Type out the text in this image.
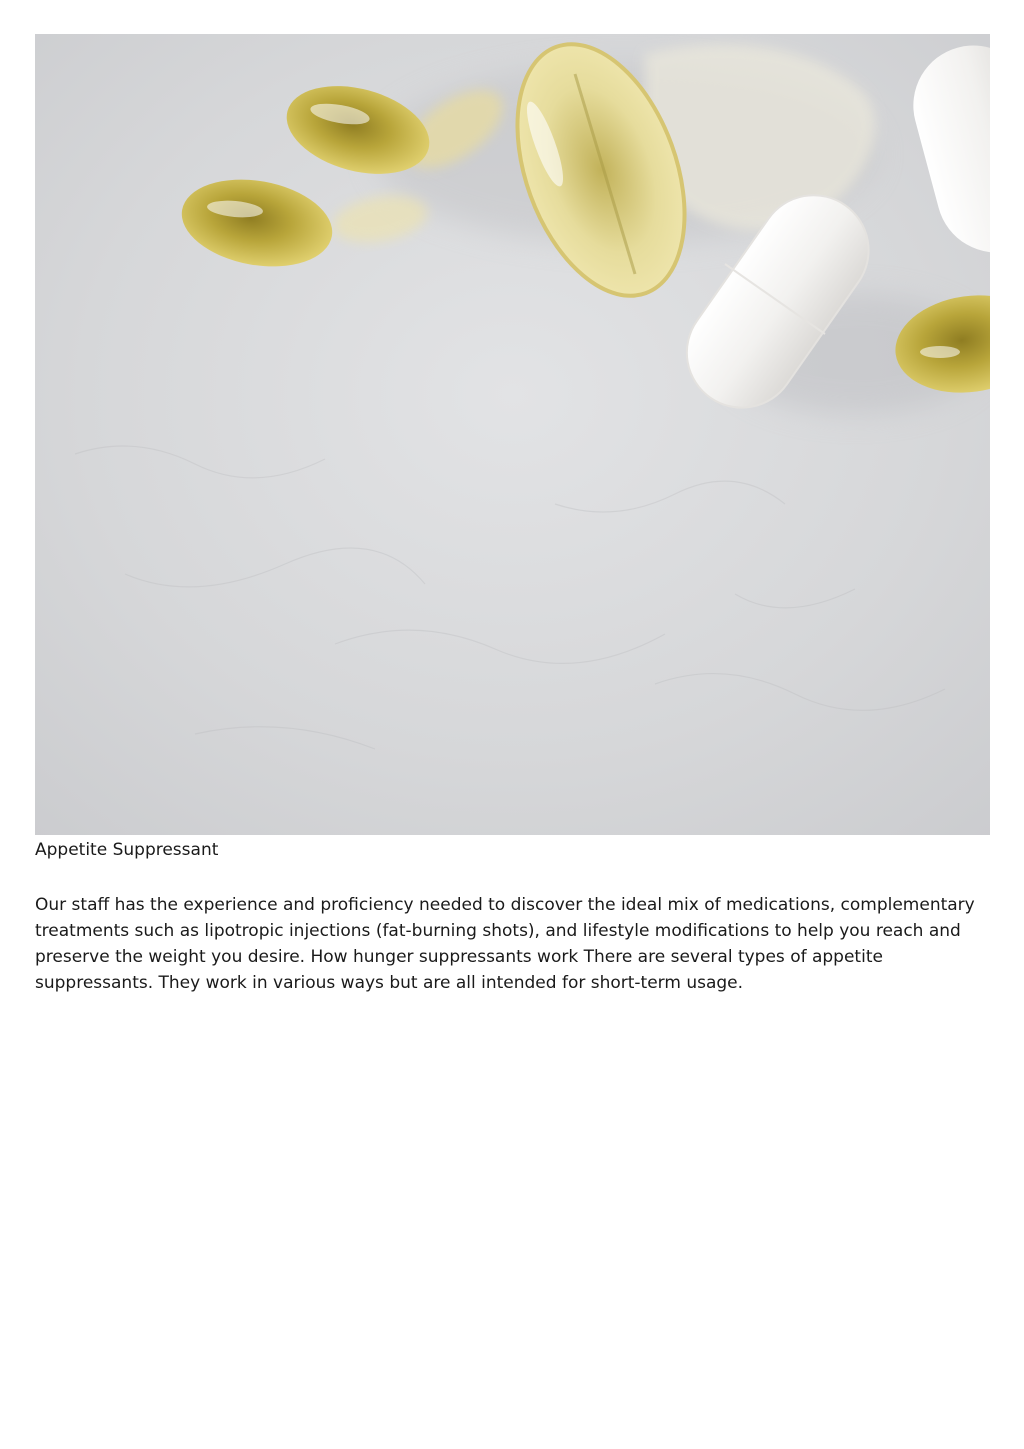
Appetite Suppressant

Our staff has the experience and proficiency needed to discover the ideal mix of medications, complementary treatments such as lipotropic injections (fat-burning shots), and lifestyle modifications to help you reach and preserve the weight you desire. How hunger suppressants work There are several types of appetite suppressants. They work in various ways but are all intended for short-term usage.
